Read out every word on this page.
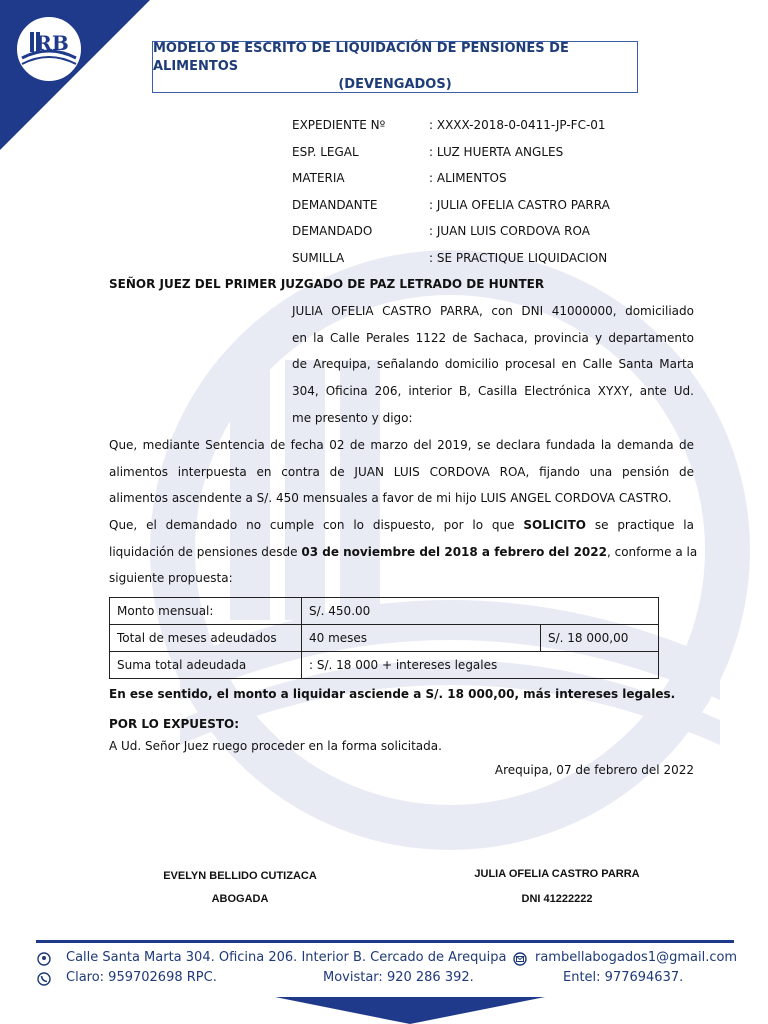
RB	MODELO DE ESCRITO DE LIQUIDACIÓN DE PENSIONES DE ALIMENTOS
(DEVENGADOS)
EXPEDIENTE Nº	: XXXX-2018-0-0411-JP-FC-01
ESP. LEGAL	: LUZ HUERTA ANGLES
MATERIA	: ALIMENTOS
DEMANDANTE	: JULIA OFELIA CASTRO PARRA
DEMANDADO	: JUAN LUIS CORDOVA ROA
SUMILLA	: SE PRACTIQUE LIQUIDACION
SEÑOR JUEZ DEL PRIMER JUZGADO DE PAZ LETRADO DE HUNTER
JULIA OFELIA CASTRO PARRA, con DNI 41000000, domiciliado
en la Calle Perales 1122 de Sachaca, provincia y departamento
de Arequipa, señalando domicilio procesal en Calle Santa Marta
304, Oficina 206, interior B, Casilla Electrónica XYXY, ante Ud.
me presento y digo:
Que, mediante Sentencia de fecha 02 de marzo del 2019, se declara fundada la demanda de
alimentos interpuesta en contra de JUAN LUIS CORDOVA ROA, fijando una pensión de
alimentos ascendente a S/. 450 mensuales a favor de mi hijo LUIS ANGEL CORDOVA CASTRO.
Que, el demandado no cumple con lo dispuesto, por lo que SOLICITO se practique la
liquidación de pensiones desde 03 de noviembre del 2018 a febrero del 2022, conforme a la
siguiente propuesta:
Monto mensual:	S/. 450.00	
Total de meses adeudados	40 meses	S/. 18 000,00
Suma total adeudada	: S/. 18 000 + intereses legales	
En ese sentido, el monto a liquidar asciende a S/. 18 000,00, más intereses legales.
POR LO EXPUESTO:
A Ud. Señor Juez ruego proceder en la forma solicitada.
Arequipa, 07 de febrero del 2022
EVELYN BELLIDO CUTIZACA
ABOGADA
JULIA OFELIA CASTRO PARRA
DNI 41222222
Calle Santa Marta 304. Oficina 206. Interior B. Cercado de Arequipa rambellabogados1@gmail.com
Claro: 959702698 RPC.	Movistar: 920 286 392.	Entel: 977694637.
